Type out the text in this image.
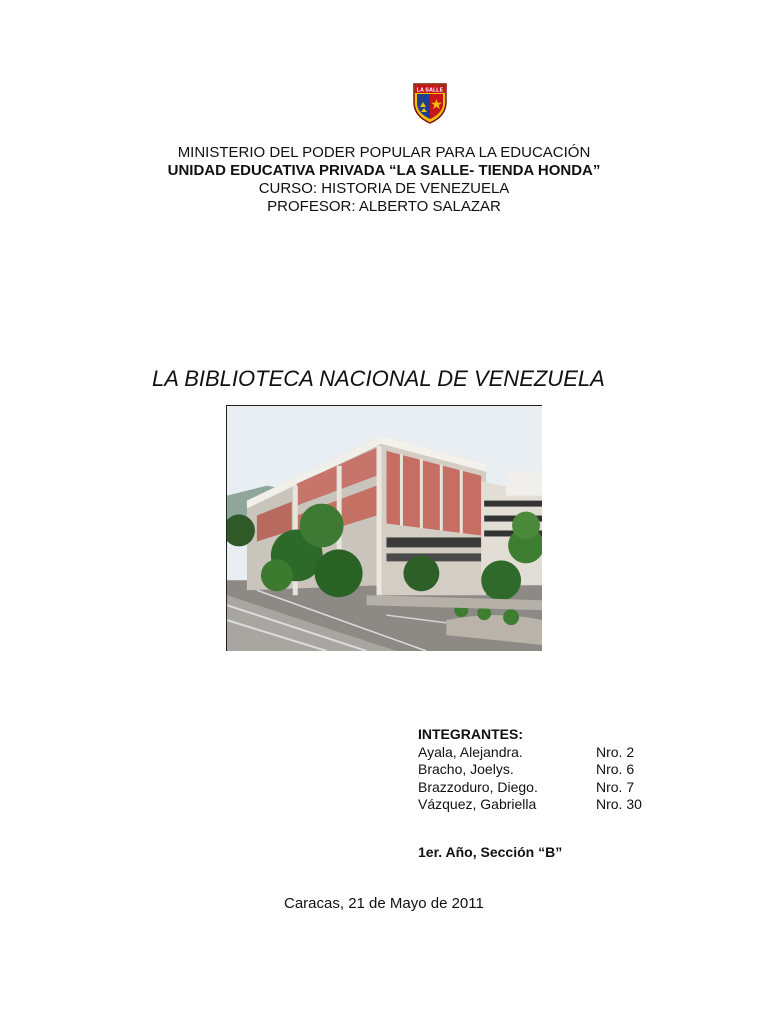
LA SALLE
MINISTERIO DEL PODER POPULAR PARA LA EDUCACIÓN
UNIDAD EDUCATIVA PRIVADA “LA SALLE- TIENDA HONDA”
CURSO: HISTORIA DE VENEZUELA
PROFESOR: ALBERTO SALAZAR
LA BIBLIOTECA NACIONAL DE VENEZUELA
INTEGRANTES:
Ayala, Alejandra.	Nro. 2
Bracho, Joelys.	Nro. 6
Brazzoduro, Diego.	Nro. 7
Vázquez, Gabriella	Nro. 30
1er. Año, Sección “B”
Caracas, 21 de Mayo de 2011
